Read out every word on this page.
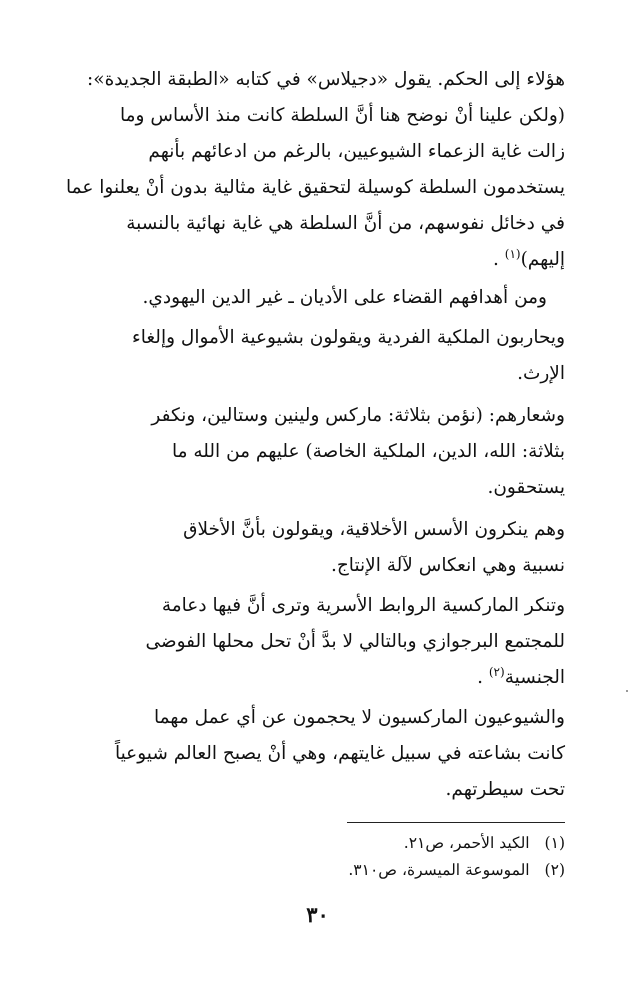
هؤلاء إلى الحكم. يقول «دجيلاس» في كتابه «الطبقة الجديدة»:
(ولكن علينا أنْ نوضح هنا أنَّ السلطة كانت منذ الأساس وما
زالت غاية الزعماء الشيوعيين، بالرغم من ادعائهم بأنهم
يستخدمون السلطة كوسيلة لتحقيق غاية مثالية بدون أنْ يعلنوا عما
في دخائل نفوسهم، من أنَّ السلطة هي غاية نهائية بالنسبة
إليهم)$^{(١)}$ .
ومن أهدافهم القضاء على الأديان ـ غير الدين اليهودي.
ويحاربون الملكية الفردية ويقولون بشيوعية الأموال وإلغاء
الإرث.
وشعارهم: (نؤمن بثلاثة: ماركس ولينين وستالين، ونكفر
بثلاثة: الله، الدين، الملكية الخاصة) عليهم من الله ما
يستحقون.
وهم ينكرون الأسس الأخلاقية، ويقولون بأنَّ الأخلاق
نسبية وهي انعكاس لآلة الإنتاج.
وتنكر الماركسية الروابط الأسرية وترى أنَّ فيها دعامة
للمجتمع البرجوازي وبالتالي لا بدَّ أنْ تحل محلها الفوضى
الجنسية$^{(٢)}$ .
والشيوعيون الماركسيون لا يحجمون عن أي عمل مهما
كانت بشاعته في سبيل غايتهم، وهي أنْ يصبح العالم شيوعياً
تحت سيطرتهم.
(١) الكيد الأحمر، ص٢١.
(٢) الموسوعة الميسرة، ص٣١٠.
٣٠
